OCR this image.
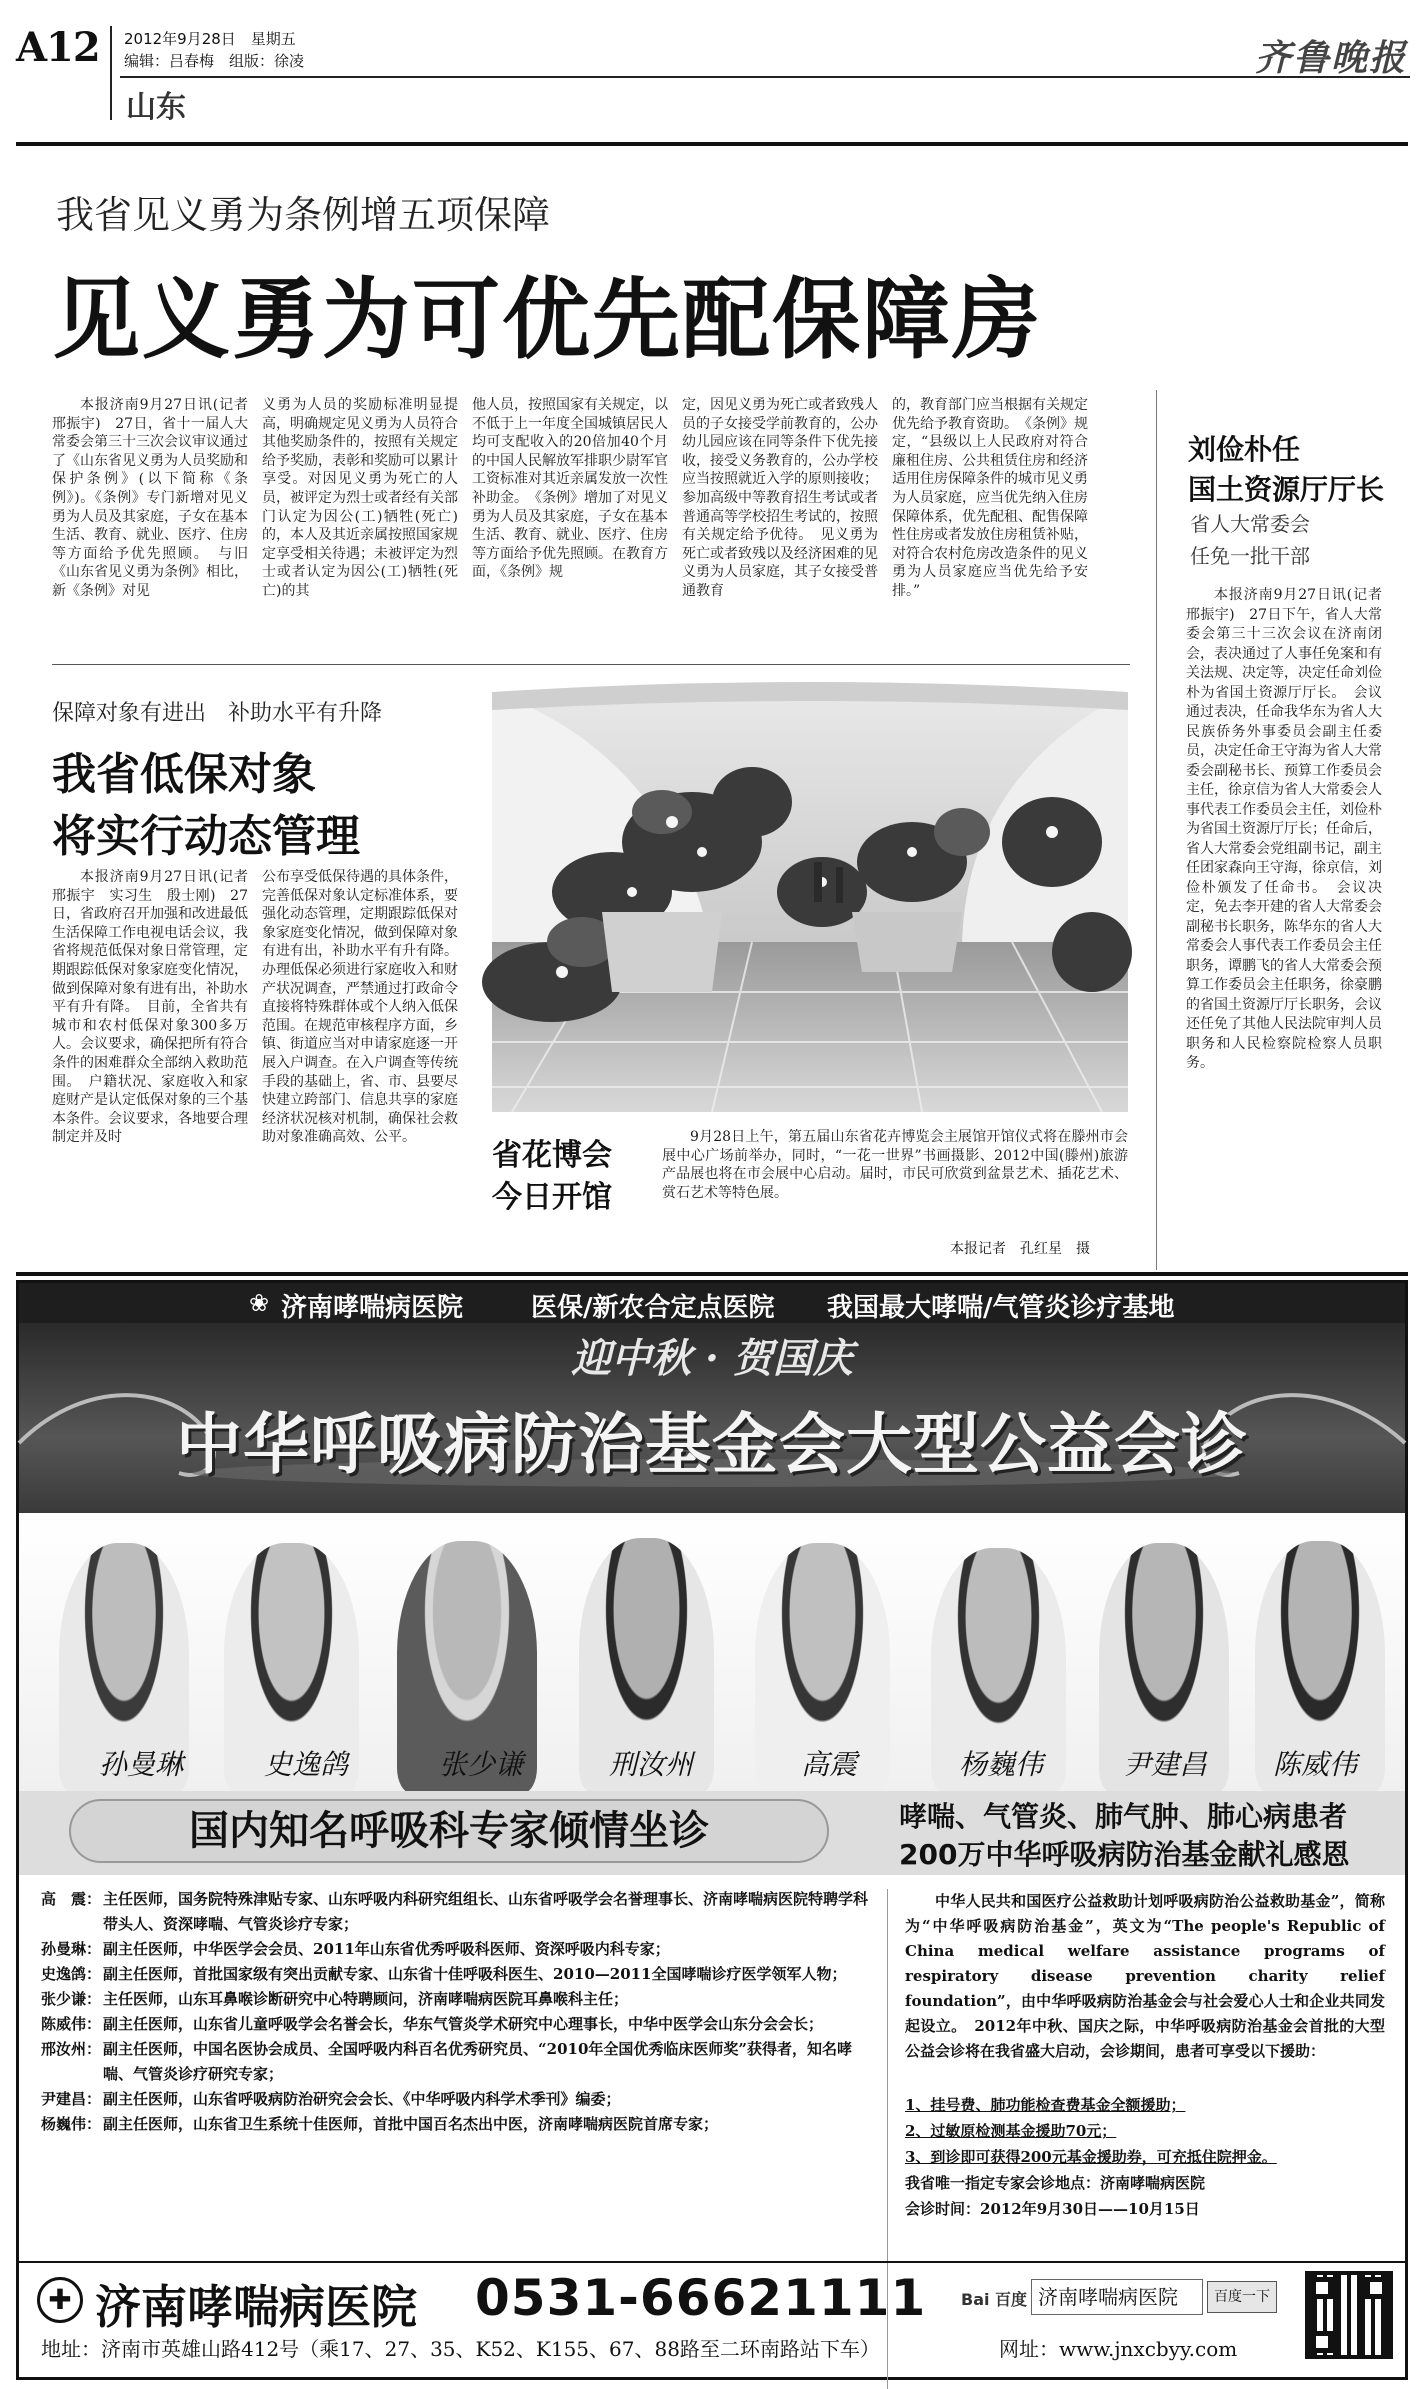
A12 2012年9月28日　星期五
编辑：吕春梅　组版：徐凌
山东
齐鲁晚报
我省见义勇为条例增五项保障
见义勇为可优先配保障房
本报济南9月27日讯(记者　邢振宇)　27日，省十一届人大常委会第三十三次会议审议通过了《山东省见义勇为人员奖励和保护条例》(以下简称《条例》)。《条例》专门新增对见义勇为人员及其家庭，子女在基本生活、教育、就业、医疗、住房等方面给予优先照顾。　与旧《山东省见义勇为条例》相比，新《条例》对见
义勇为人员的奖励标准明显提高，明确规定见义勇为人员符合其他奖励条件的，按照有关规定给予奖励，表彰和奖励可以累计享受。对因见义勇为死亡的人员，被评定为烈士或者经有关部门认定为因公(工)牺牲(死亡)的，本人及其近亲属按照国家规定享受相关待遇；未被评定为烈士或者认定为因公(工)牺牲(死亡)的其
他人员，按照国家有关规定，以不低于上一年度全国城镇居民人均可支配收入的20倍加40个月的中国人民解放军排职少尉军官工资标准对其近亲属发放一次性补助金。　《条例》增加了对见义勇为人员及其家庭，子女在基本生活、教育、就业、医疗、住房等方面给予优先照顾。在教育方面，《条例》规
定，因见义勇为死亡或者致残人员的子女接受学前教育的，公办幼儿园应该在同等条件下优先接收，接受义务教育的，公办学校应当按照就近入学的原则接收；参加高级中等教育招生考试或者普通高等学校招生考试的，按照有关规定给予优待。　见义勇为死亡或者致残以及经济困难的见义勇为人员家庭，其子女接受普通教育
的，教育部门应当根据有关规定优先给予教育资助。　《条例》规定，“县级以上人民政府对符合廉租住房、公共租赁住房和经济适用住房保障条件的城市见义勇为人员家庭，应当优先纳入住房保障体系，优先配租、配售保障性住房或者发放住房租赁补贴，对符合农村危房改造条件的见义勇为人员家庭应当优先给予安排。”
刘俭朴任
国土资源厅厅长
省人大常委会
任免一批干部
本报济南9月27日讯(记者　邢振宇)　27日下午，省人大常委会第三十三次会议在济南闭会，表决通过了人事任免案和有关法规、决定等，决定任命刘俭朴为省国土资源厅厅长。　会议通过表决，任命我华东为省人大民族侨务外事委员会副主任委员，决定任命王守海为省人大常委会副秘书长、预算工作委员会主任，徐京信为省人大常委会人事代表工作委员会主任，刘俭朴为省国土资源厅厅长；任命后，省人大常委会党组副书记，副主任团家森向王守海，徐京信，刘俭朴颁发了任命书。　会议决定，免去李开建的省人大常委会副秘书长职务，陈华东的省人大常委会人事代表工作委员会主任职务，谭鹏飞的省人大常委会预算工作委员会主任职务，徐豪鹏的省国土资源厅厅长职务，会议还任免了其他人民法院审判人员职务和人民检察院检察人员职务。
保障对象有进出　补助水平有升降
我省低保对象
将实行动态管理
本报济南9月27日讯(记者　邢振宇　实习生　殷士刚)　27日，省政府召开加强和改进最低生活保障工作电视电话会议，我省将规范低保对象日常管理，定期跟踪低保对象家庭变化情况，做到保障对象有进有出，补助水平有升有降。　目前，全省共有城市和农村低保对象300多万人。会议要求，确保把所有符合条件的困难群众全部纳入救助范围。　户籍状况、家庭收入和家庭财产是认定低保对象的三个基本条件。会议要求，各地要合理制定并及时
公布享受低保待遇的具体条件，完善低保对象认定标准体系，要强化动态管理，定期跟踪低保对象家庭变化情况，做到保障对象有进有出，补助水平有升有降。办理低保必须进行家庭收入和财产状况调查，严禁通过打政命令直接将特殊群体或个人纳入低保范围。在规范审核程序方面，乡镇、街道应当对申请家庭逐一开展入户调查。在入户调查等传统手段的基础上，省、市、县要尽快建立跨部门、信息共享的家庭经济状况核对机制，确保社会救助对象准确高效、公平。
省花博会
今日开馆
9月28日上午，第五届山东省花卉博览会主展馆开馆仪式将在滕州市会展中心广场前举办，同时，“一花一世界”书画摄影、2012中国(滕州)旅游产品展也将在市会展中心启动。届时，市民可欣赏到盆景艺术、插花艺术、赏石艺术等特色展。
本报记者　孔红星　摄
❀ 济南哮喘病医院	医保/新农合定点医院 我国最大哮喘/气管炎诊疗基地
迎中秋 · 贺国庆
中华呼吸病防治基金会大型公益会诊
孙曼琳	史逸鸽	张少谦	刑汝州	高震	杨巍伟	尹建昌 陈威伟
国内知名呼吸科专家倾情坐诊	哮喘、气管炎、肺气肿、肺心病患者
200万中华呼吸病防治基金献礼感恩
高　震： 主任医师，国务院特殊津贴专家、山东呼吸内科研究组组长、山东省呼吸学会名誉理事长、济南哮喘病医院特聘学科带头人、资深哮喘、气管炎诊疗专家；
孙曼琳： 副主任医师，中华医学会会员、2011年山东省优秀呼吸科医师、资深呼吸内科专家；
史逸鸽： 副主任医师，首批国家级有突出贡献专家、山东省十佳呼吸科医生、2010—2011全国哮喘诊疗医学领军人物；
张少谦： 主任医师，山东耳鼻喉诊断研究中心特聘顾问，济南哮喘病医院耳鼻喉科主任；
陈威伟： 副主任医师，山东省儿童呼吸学会名誉会长，华东气管炎学术研究中心理事长，中华中医学会山东分会会长；
邢汝州： 副主任医师，中国名医协会成员、全国呼吸内科百名优秀研究员、“2010年全国优秀临床医师奖”获得者，知名哮喘、气管炎诊疗研究专家；
尹建昌： 副主任医师，山东省呼吸病防治研究会会长、《中华呼吸内科学术季刊》编委；
杨巍伟： 副主任医师，山东省卫生系统十佳医师，首批中国百名杰出中医，济南哮喘病医院首席专家；
中华人民共和国医疗公益救助计划呼吸病防治公益救助基金”，简称为“中华呼吸病防治基金”，英文为“The people's Republic of China medical welfare assistance programs of respiratory disease prevention charity relief foundation”，由中华呼吸病防治基金会与社会爱心人士和企业共同发起设立。　2012年中秋、国庆之际，中华呼吸病防治基金会首批的大型公益会诊将在我省盛大启动，会诊期间，患者可享受以下援助：
1、挂号费、肺功能检查费基金全额援助；
2、过敏原检测基金援助70元；
3、到诊即可获得200元基金援助券，可充抵住院押金。
我省唯一指定专家会诊地点：济南哮喘病医院
会诊时间：2012年9月30日——10月15日
✚ 济南哮喘病医院 0531-66621111 Bai 百度 济南哮喘病医院	百度一下
地址：济南市英雄山路412号（乘17、27、35、K52、K155、67、88路至二环南路站下车）	网址：www.jnxcbyy.com
